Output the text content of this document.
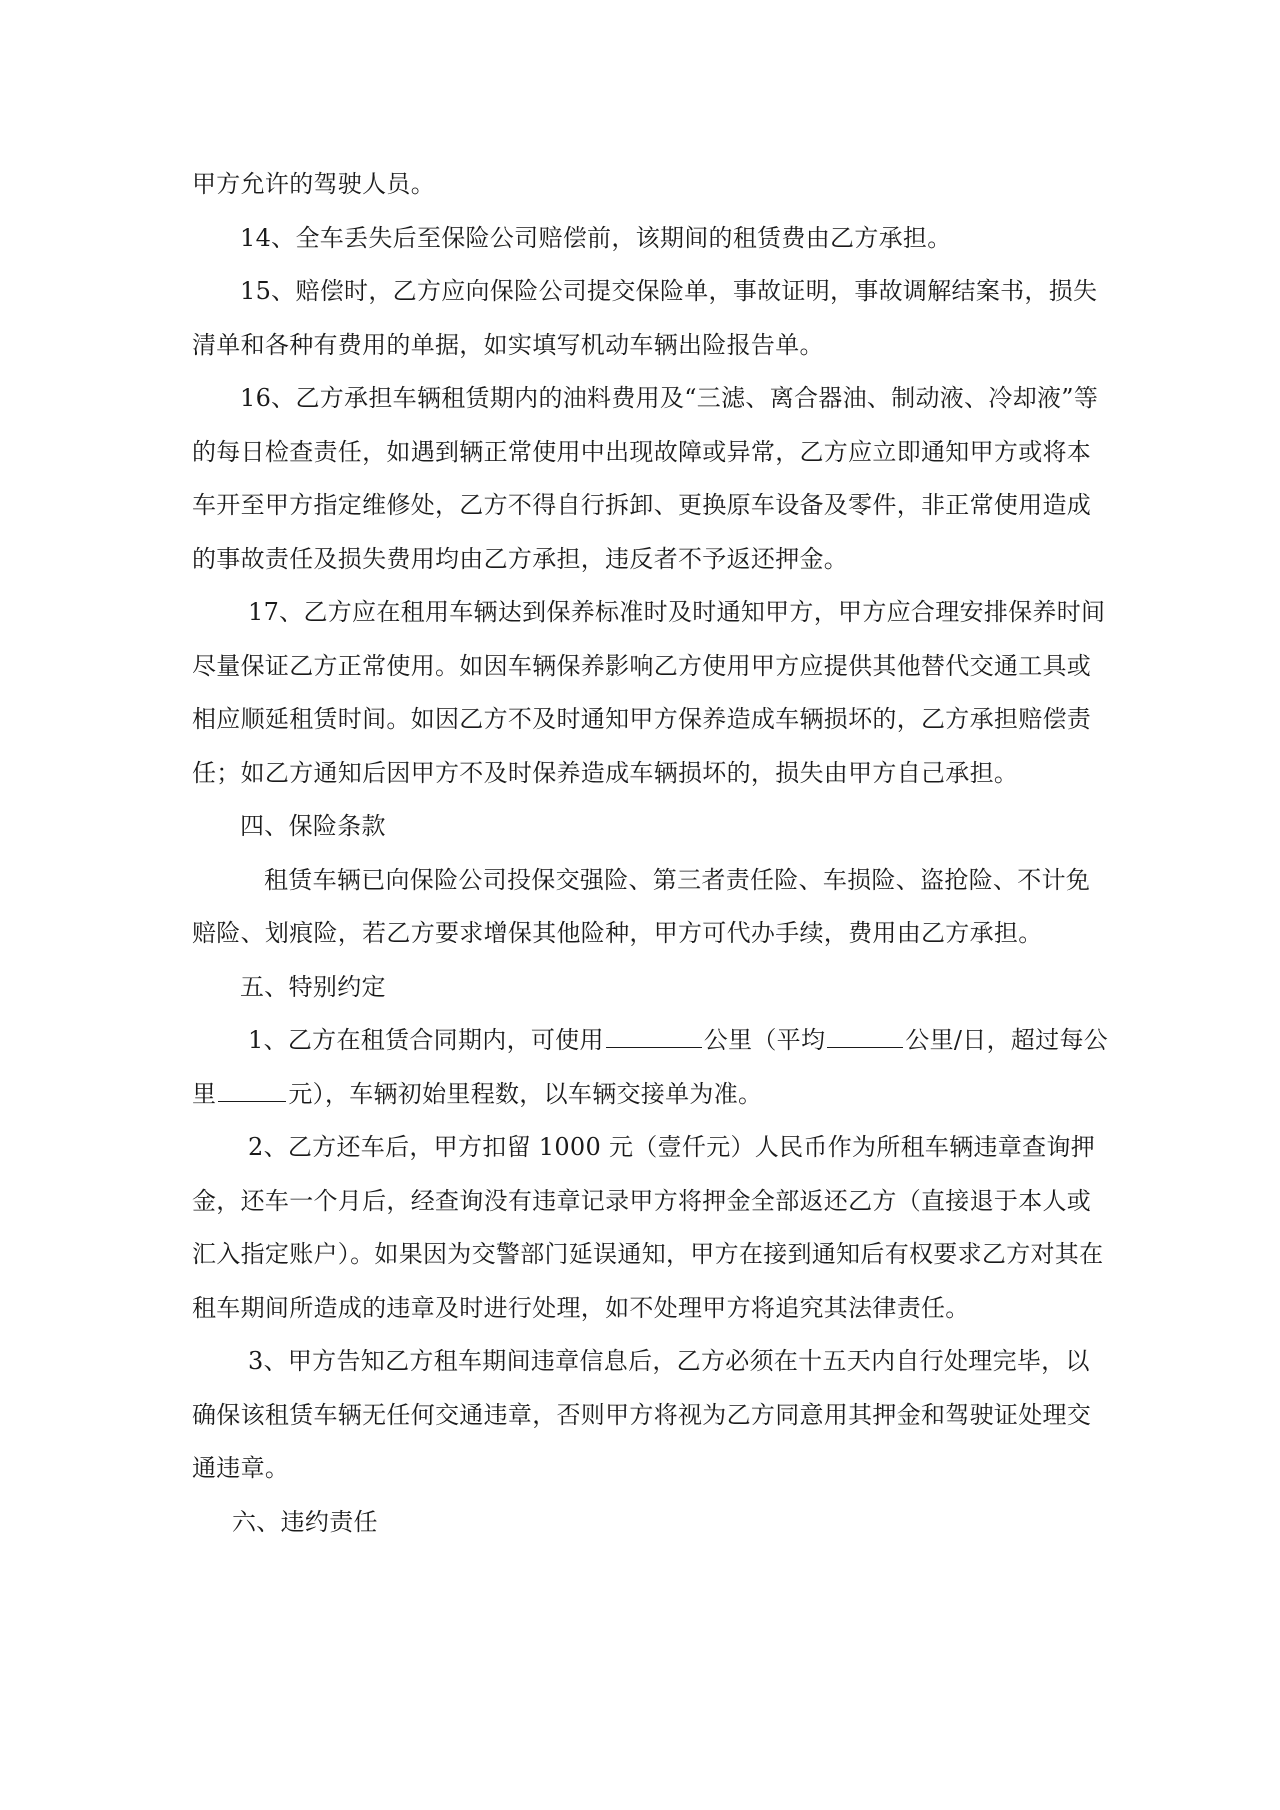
甲方允许的驾驶人员。

14、全车丢失后至保险公司赔偿前，该期间的租赁费由乙方承担。

15、赔偿时，乙方应向保险公司提交保险单，事故证明，事故调解结案书，损失清单和各种有费用的单据，如实填写机动车辆出险报告单。

16、乙方承担车辆租赁期内的油料费用及“三滤、离合器油、制动液、冷却液”等的每日检查责任，如遇到辆正常使用中出现故障或异常，乙方应立即通知甲方或将本车开至甲方指定维修处，乙方不得自行拆卸、更换原车设备及零件，非正常使用造成的事故责任及损失费用均由乙方承担，违反者不予返还押金。

17、乙方应在租用车辆达到保养标准时及时通知甲方，甲方应合理安排保养时间尽量保证乙方正常使用。如因车辆保养影响乙方使用甲方应提供其他替代交通工具或相应顺延租赁时间。如因乙方不及时通知甲方保养造成车辆损坏的，乙方承担赔偿责任；如乙方通知后因甲方不及时保养造成车辆损坏的，损失由甲方自己承担。

四、保险条款

租赁车辆已向保险公司投保交强险、第三者责任险、车损险、盗抢险、不计免赔险、划痕险，若乙方要求增保其他险种，甲方可代办手续，费用由乙方承担。

五、特别约定

1、乙方在租赁合同期内，可使用	公里（平均	公里/日，超过每公里	元），车辆初始里程数，以车辆交接单为准。

2、乙方还车后，甲方扣留 1000 元（壹仟元）人民币作为所租车辆违章查询押金，还车一个月后，经查询没有违章记录甲方将押金全部返还乙方（直接退于本人或汇入指定账户）。如果因为交警部门延误通知，甲方在接到通知后有权要求乙方对其在租车期间所造成的违章及时进行处理，如不处理甲方将追究其法律责任。

3、甲方告知乙方租车期间违章信息后，乙方必须在十五天内自行处理完毕，以确保该租赁车辆无任何交通违章，否则甲方将视为乙方同意用其押金和驾驶证处理交通违章。

六、违约责任
